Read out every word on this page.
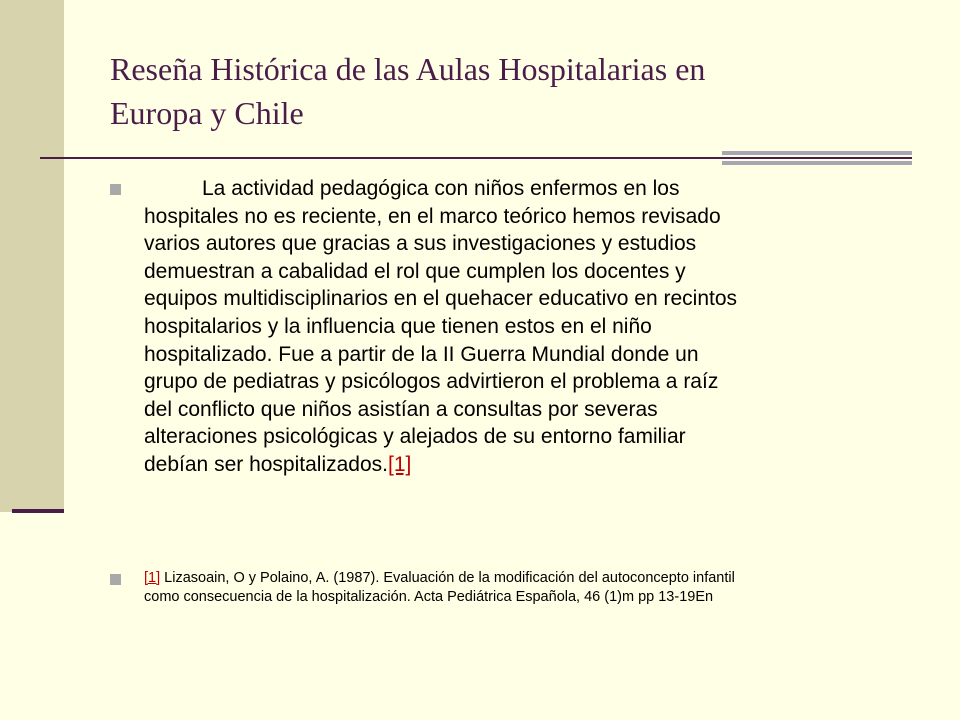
Reseña Histórica de las Aulas Hospitalarias en
Europa y Chile

La actividad pedagógica con niños enfermos en los
hospitales no es reciente, en el marco teórico hemos revisado
varios autores que gracias a sus investigaciones y estudios
demuestran a cabalidad el rol que cumplen los docentes y
equipos multidisciplinarios en el quehacer educativo en recintos
hospitalarios y la influencia que tienen estos en el niño
hospitalizado. Fue a partir de la II Guerra Mundial donde un
grupo de pediatras y psicólogos advirtieron el problema a raíz
del conflicto que niños asistían a consultas por severas
alteraciones psicológicas y alejados de su entorno familiar
debían ser hospitalizados.[1]

[1] Lizasoain, O y Polaino, A. (1987). Evaluación de la modificación del autoconcepto infantil
como consecuencia de la hospitalización. Acta Pediátrica Española, 46 (1)m pp 13-19En
